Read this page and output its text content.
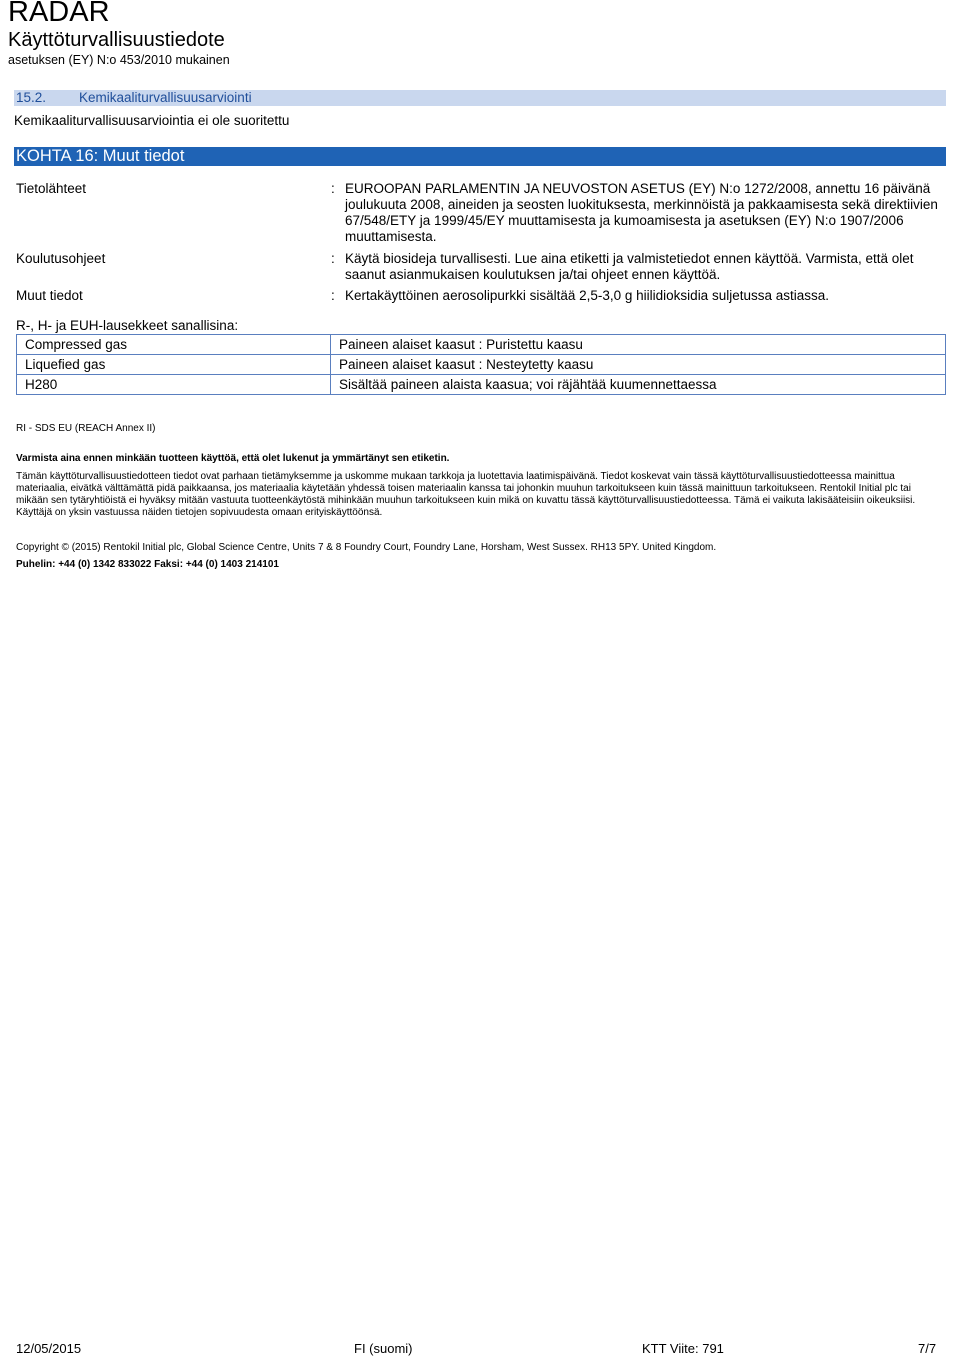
RADAR
Käyttöturvallisuustiedote
asetuksen (EY) N:o 453/2010 mukainen
15.2. Kemikaaliturvallisuusarviointi
Kemikaaliturvallisuusarviointia ei ole suoritettu
KOHTA 16: Muut tiedot
Tietolähteet	: EUROOPAN PARLAMENTIN JA NEUVOSTON ASETUS (EY) N:o 1272/2008, annettu 16 päivänä joulukuuta 2008, aineiden ja seosten luokituksesta, merkinnöistä ja pakkaamisesta sekä direktiivien 67/548/ETY ja 1999/45/EY muuttamisesta ja kumoamisesta ja asetuksen (EY) N:o 1907/2006 muuttamisesta.
Koulutusohjeet	: Käytä biosideja turvallisesti. Lue aina etiketti ja valmistetiedot ennen käyttöä. Varmista, että olet saanut asianmukaisen koulutuksen ja/tai ohjeet ennen käyttöä.
Muut tiedot	: Kertakäyttöinen aerosolipurkki sisältää 2,5-3,0 g hiilidioksidia suljetussa astiassa.
R-, H- ja EUH-lausekkeet sanallisina:
Compressed gas	Paineen alaiset kaasut : Puristettu kaasu
Liquefied gas	Paineen alaiset kaasut : Nesteytetty kaasu
H280	Sisältää paineen alaista kaasua; voi räjähtää kuumennettaessa
RI - SDS EU (REACH Annex II)
Varmista aina ennen minkään tuotteen käyttöä, että olet lukenut ja ymmärtänyt sen etiketin.
Tämän käyttöturvallisuustiedotteen tiedot ovat parhaan tietämyksemme ja uskomme mukaan tarkkoja ja luotettavia laatimispäivänä. Tiedot koskevat vain tässä käyttöturvallisuustiedotteessa mainittua materiaalia, eivätkä välttämättä pidä paikkaansa, jos materiaalia käytetään yhdessä toisen materiaalin kanssa tai johonkin muuhun tarkoitukseen kuin tässä mainittuun tarkoitukseen. Rentokil Initial plc tai mikään sen tytäryhtiöistä ei hyväksy mitään vastuuta tuotteenkäytöstä mihinkään muuhun tarkoitukseen kuin mikä on kuvattu tässä käyttöturvallisuustiedotteessa. Tämä ei vaikuta lakisääteisiin oikeuksiisi. Käyttäjä on yksin vastuussa näiden tietojen sopivuudesta omaan erityiskäyttöönsä.
Copyright © (2015) Rentokil Initial plc, Global Science Centre, Units 7 & 8 Foundry Court, Foundry Lane, Horsham, West Sussex. RH13 5PY. United Kingdom.
Puhelin: +44 (0) 1342 833022 Faksi: +44 (0) 1403 214101
12/05/2015	FI (suomi)	KTT Viite: 791	7/7
